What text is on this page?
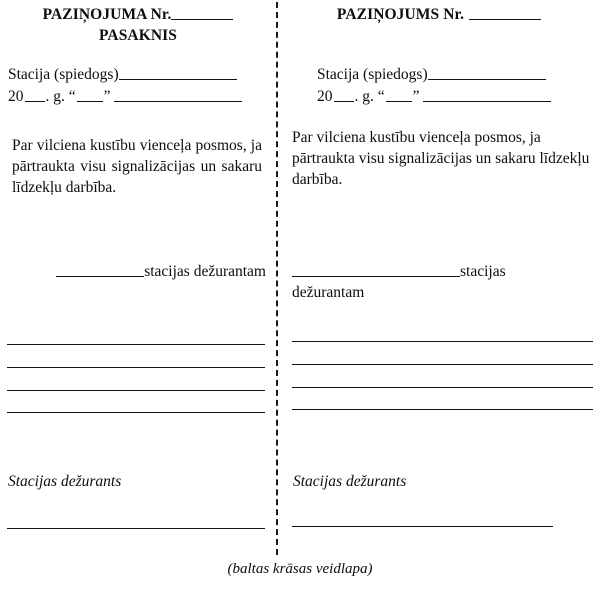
PAZIŅOJUMA Nr.
PASAKNIS
Stacija (spiedogs)
20 . g. “ ”
Par vilciena kustību vienceļa posmos, ja pārtraukta visu signalizācijas un sakaru līdzekļu darbība.
stacijas dežurantam
Stacijas dežurants
PAZIŅOJUMS Nr.
Stacija (spiedogs)
20 . g. “ ”
Par vilciena kustību vienceļa posmos, ja pārtraukta visu signalizācijas un sakaru līdzekļu darbība.
stacijas
dežurantam
Stacijas dežurants
(baltas krāsas veidlapa)
